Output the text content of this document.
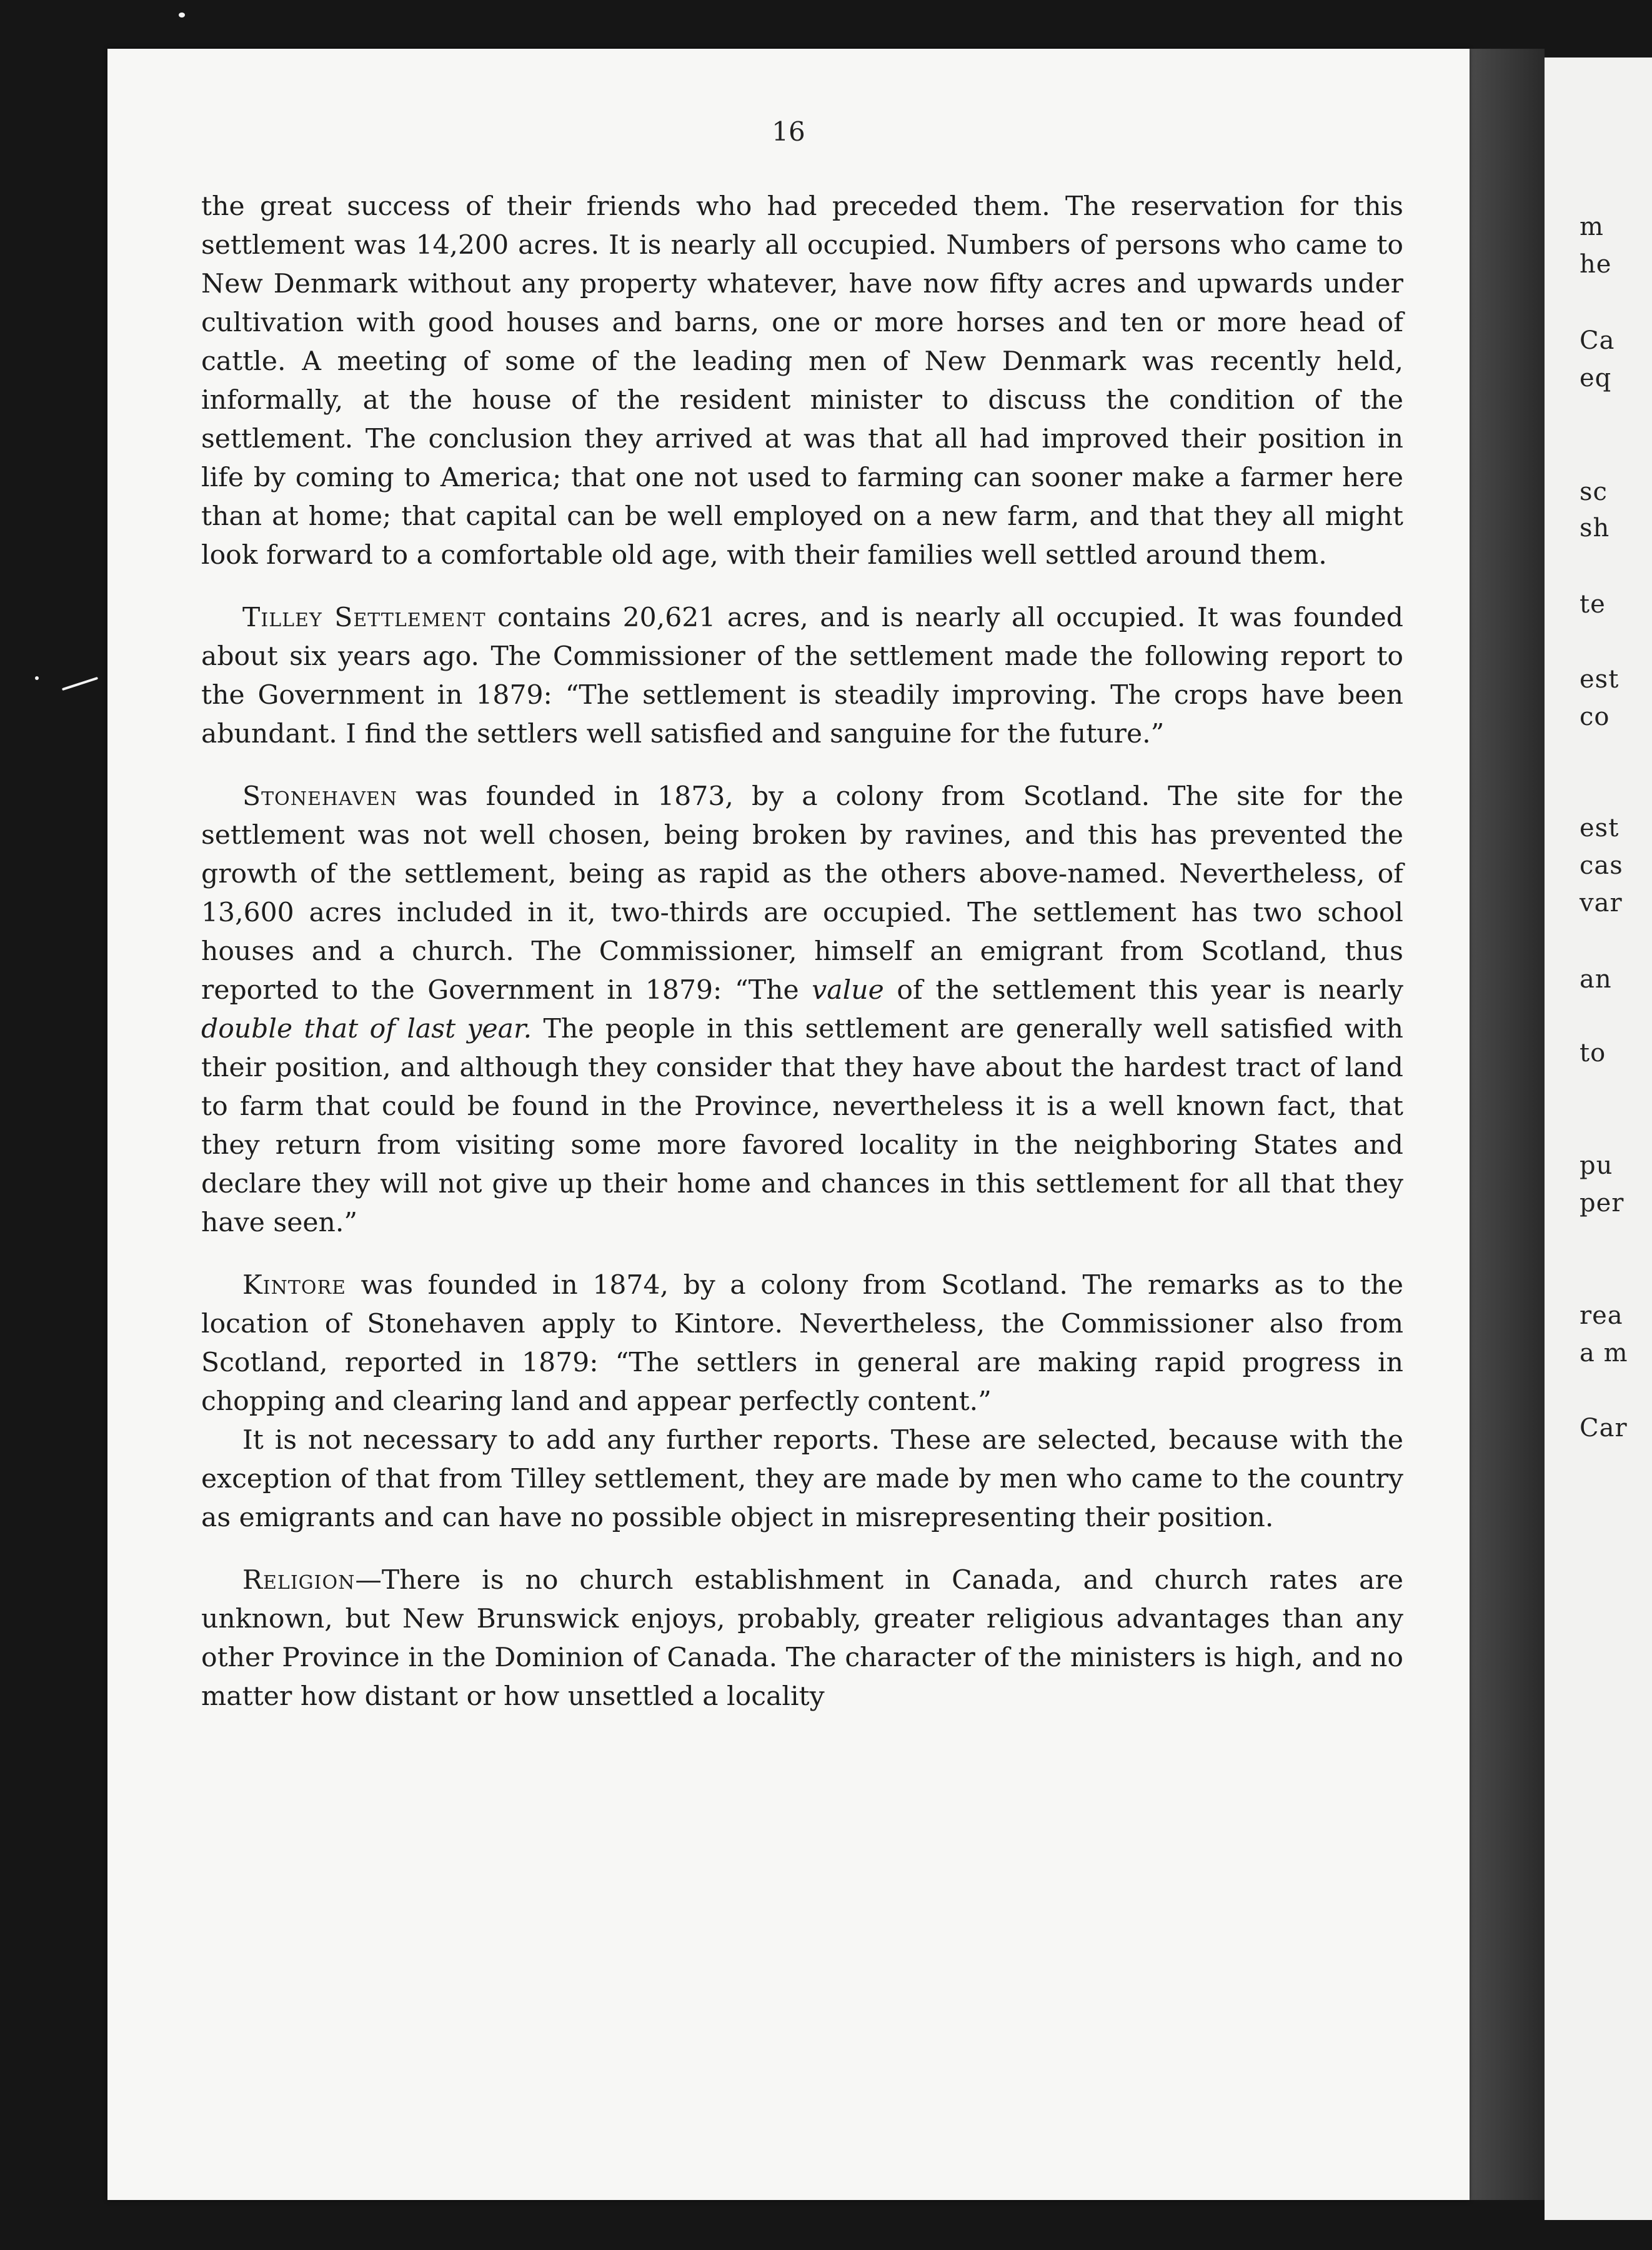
m
he
Ca
eq
sc
sh
te
est
co
est
cas
var
an
to
pu
per
rea
a m
Car
16

the great success of their friends who had preceded them. The reservation for this settlement was 14,200 acres. It is nearly all occupied. Numbers of persons who came to New Denmark without any property whatever, have now fifty acres and upwards under cultivation with good houses and barns, one or more horses and ten or more head of cattle. A meeting of some of the leading men of New Denmark was recently held, informally, at the house of the resident minister to discuss the condition of the settlement. The conclusion they arrived at was that all had improved their position in life by coming to America; that one not used to farming can sooner make a farmer here than at home; that capital can be well employed on a new farm, and that they all might look forward to a comfortable old age, with their families well settled around them.

Tilley Settlement contains 20,621 acres, and is nearly all occupied. It was founded about six years ago. The Commissioner of the settlement made the following report to the Government in 1879: “The settlement is steadily improving. The crops have been abundant. I find the settlers well satisfied and sanguine for the future.”

Stonehaven was founded in 1873, by a colony from Scotland. The site for the settlement was not well chosen, being broken by ravines, and this has prevented the growth of the settlement, being as rapid as the others above-named. Nevertheless, of 13,600 acres included in it, two-thirds are occupied. The settlement has two school houses and a church. The Commissioner, himself an emigrant from Scotland, thus reported to the Government in 1879: “The value of the settlement this year is nearly double that of last year. The people in this settlement are generally well satisfied with their position, and although they consider that they have about the hardest tract of land to farm that could be found in the Province, nevertheless it is a well known fact, that they return from visiting some more favored locality in the neighboring States and declare they will not give up their home and chances in this settlement for all that they have seen.”

Kintore was founded in 1874, by a colony from Scotland. The remarks as to the location of Stonehaven apply to Kintore. Nevertheless, the Commissioner also from Scotland, reported in 1879: “The settlers in general are making rapid progress in chopping and clearing land and appear perfectly content.”

It is not necessary to add any further reports. These are selected, because with the exception of that from Tilley settlement, they are made by men who came to the country as emigrants and can have no possible object in misrepresenting their position.

Religion—There is no church establishment in Canada, and church rates are unknown, but New Brunswick enjoys, probably, greater religious advantages than any other Province in the Dominion of Canada. The character of the ministers is high, and no matter how distant or how unsettled a locality
